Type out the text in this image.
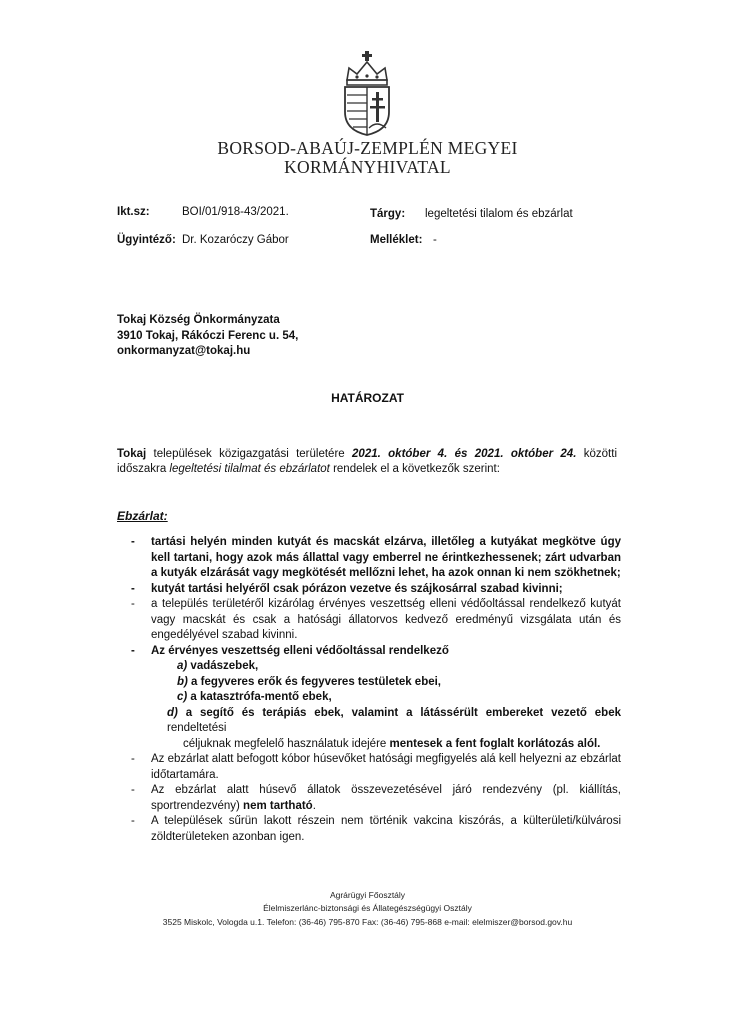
BORSOD-ABAÚJ-ZEMPLÉN MEGYEI
KORMÁNYHIVATAL
Ikt.sz:	BOI/01/918-43/2021.	Tárgy: legeltetési tilalom és ebzárlat
Ügyintéző: Dr. Kozaróczy Gábor	Melléklet: -
Tokaj Község Önkormányzata
3910 Tokaj, Rákóczi Ferenc u. 54,
onkormanyzat@tokaj.hu
HATÁROZAT
Tokaj települések közigazgatási területére 2021. október 4. és 2021. október 24. közötti időszakra legeltetési tilalmat és ebzárlatot rendelek el a következők szerint:
Ebzárlat:
- tartási helyén minden kutyát és macskát elzárva, illetőleg a kutyákat megkötve úgy kell tartani, hogy azok más állattal vagy emberrel ne érintkezhessenek; zárt udvarban a kutyák elzárását vagy megkötését mellőzni lehet, ha azok onnan ki nem szökhetnek;
- kutyát tartási helyéről csak pórázon vezetve és szájkosárral szabad kivinni;
- a település területéről kizárólag érvényes veszettség elleni védőoltással rendelkező kutyát vagy macskát és csak a hatósági állatorvos kedvező eredményű vizsgálata után és engedélyével szabad kivinni.
- Az érvényes veszettség elleni védőoltással rendelkező
a) vadászebek,
b) a fegyveres erők és fegyveres testületek ebei,
c) a katasztrófa-mentő ebek,
d) a segítő és terápiás ebek, valamint a látássérült embereket vezető ebek rendeltetési
céljuknak megfelelő használatuk idejére mentesek a fent foglalt korlátozás alól.
- Az ebzárlat alatt befogott kóbor húsevőket hatósági megfigyelés alá kell helyezni az ebzárlat időtartamára.
- Az ebzárlat alatt húsevő állatok összevezetésével járó rendezvény (pl. kiállítás, sportrendezvény) nem tartható.
- A települések sűrün lakott részein nem történik vakcina kiszórás, a külterületi/külvárosi zöldterületeken azonban igen.
Agrárügyi Főosztály
Élelmiszerlánc-biztonsági és Állategészségügyi Osztály
3525 Miskolc, Vologda u.1. Telefon: (36-46) 795-870 Fax: (36-46) 795-868 e-mail: elelmiszer@borsod.gov.hu
